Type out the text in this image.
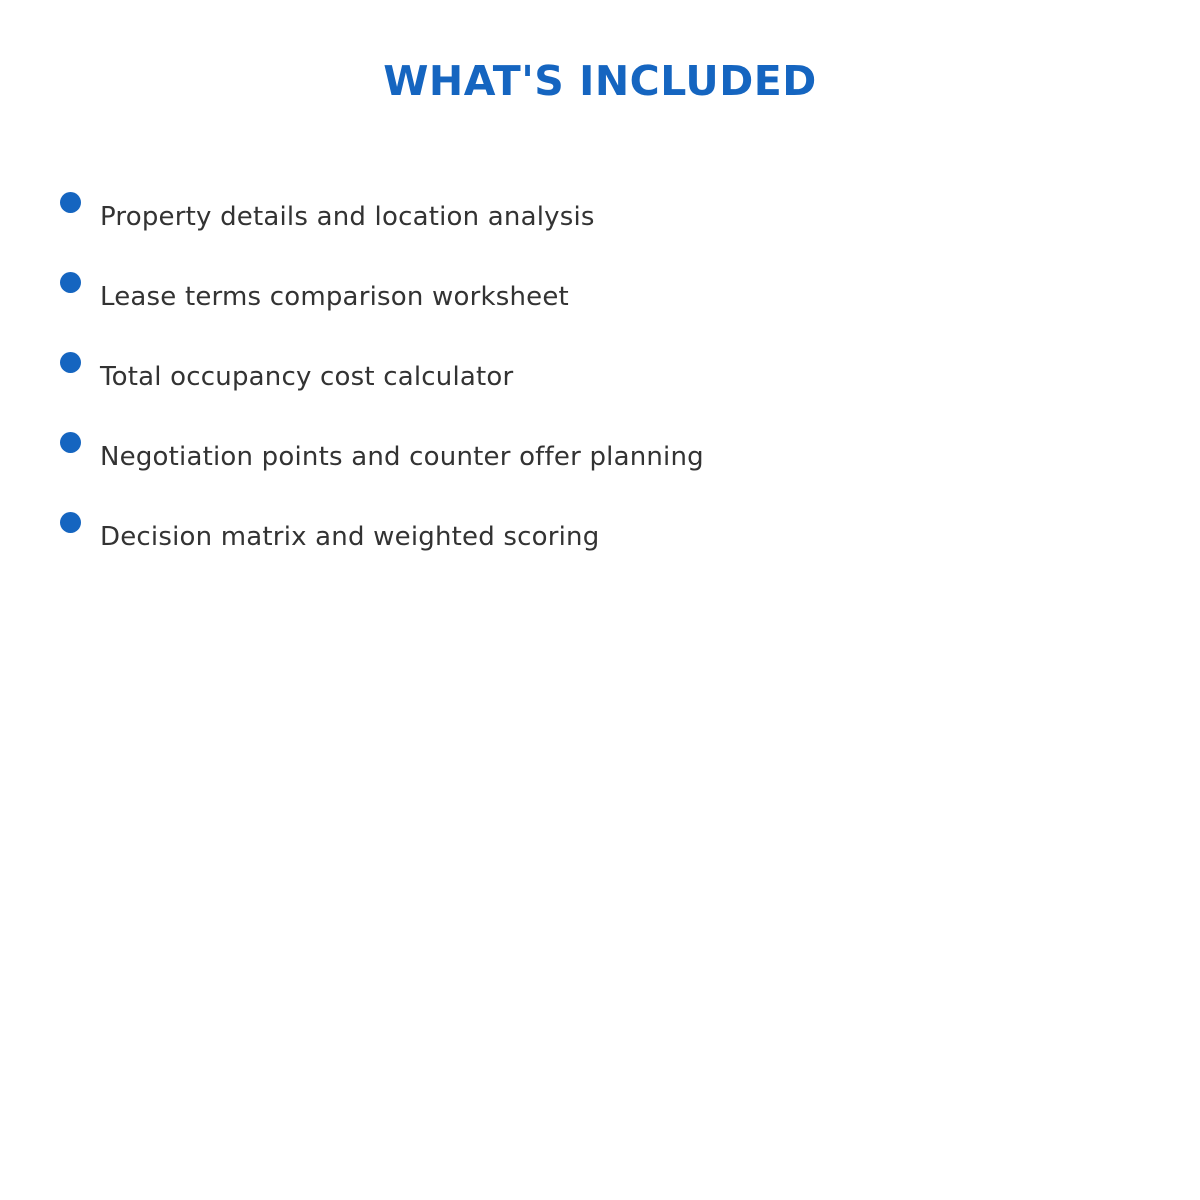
WHAT'S INCLUDED
Property details and location analysis
Lease terms comparison worksheet
Total occupancy cost calculator
Negotiation points and counter offer planning
Decision matrix and weighted scoring
